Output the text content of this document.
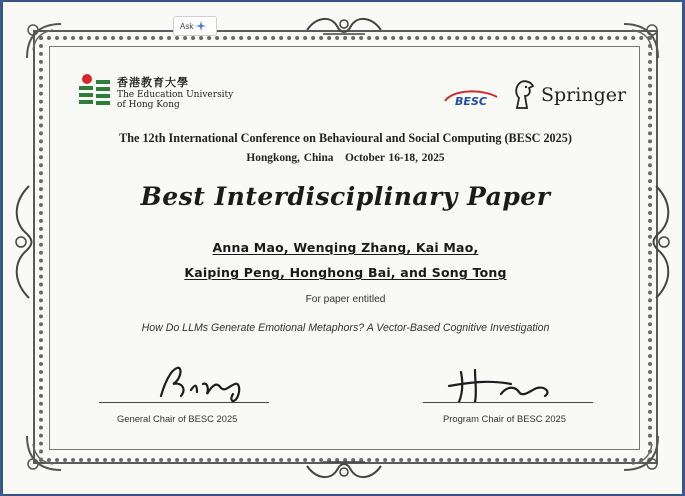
Ask
香港教育大學
The Education University
of Hong Kong	BESC	Springer
The 12th International Conference on Behavioural and Social Computing (BESC 2025)
Hongkong, China   October 16-18, 2025
Best Interdisciplinary Paper
Anna Mao, Wenqing Zhang, Kai Mao,
Kaiping Peng, Honghong Bai, and Song Tong
For paper entitled
How Do LLMs Generate Emotional Metaphors? A Vector-Based Cognitive Investigation
General Chair of BESC 2025	Program Chair of BESC 2025
